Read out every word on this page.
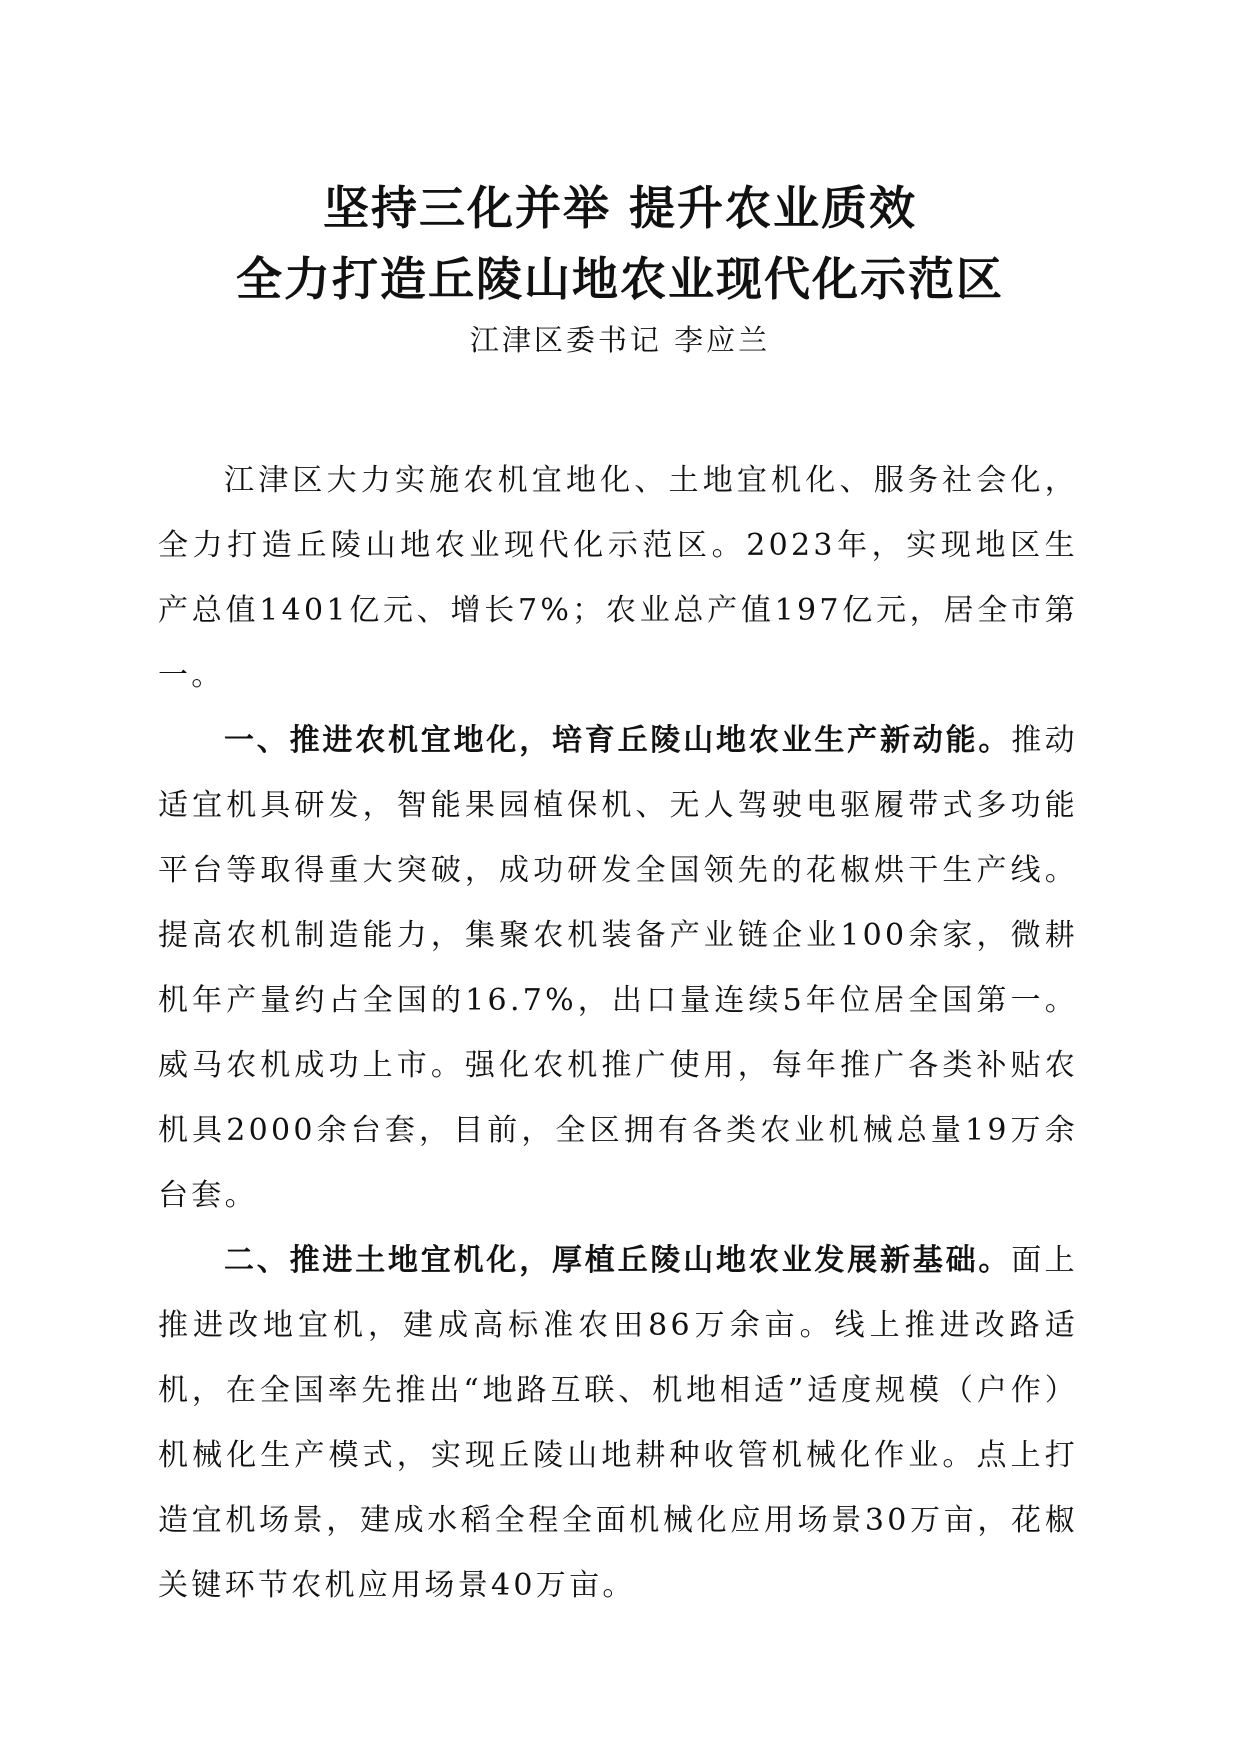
坚持三化并举 提升农业质效
全力打造丘陵山地农业现代化示范区
江津区委书记 李应兰

江津区大力实施农机宜地化、土地宜机化、服务社会化，全力打造丘陵山地农业现代化示范区。2023年，实现地区生产总值1401亿元、增长7%；农业总产值197亿元，居全市第一。

一、推进农机宜地化，培育丘陵山地农业生产新动能。推动适宜机具研发，智能果园植保机、无人驾驶电驱履带式多功能平台等取得重大突破，成功研发全国领先的花椒烘干生产线。提高农机制造能力，集聚农机装备产业链企业100余家，微耕机年产量约占全国的16.7%，出口量连续5年位居全国第一。威马农机成功上市。强化农机推广使用，每年推广各类补贴农机具2000余台套，目前，全区拥有各类农业机械总量19万余台套。

二、推进土地宜机化，厚植丘陵山地农业发展新基础。面上推进改地宜机，建成高标准农田86万余亩。线上推进改路适机，在全国率先推出“地路互联、机地相适”适度规模（户作）机械化生产模式，实现丘陵山地耕种收管机械化作业。点上打造宜机场景，建成水稻全程全面机械化应用场景30万亩，花椒关键环节农机应用场景40万亩。
